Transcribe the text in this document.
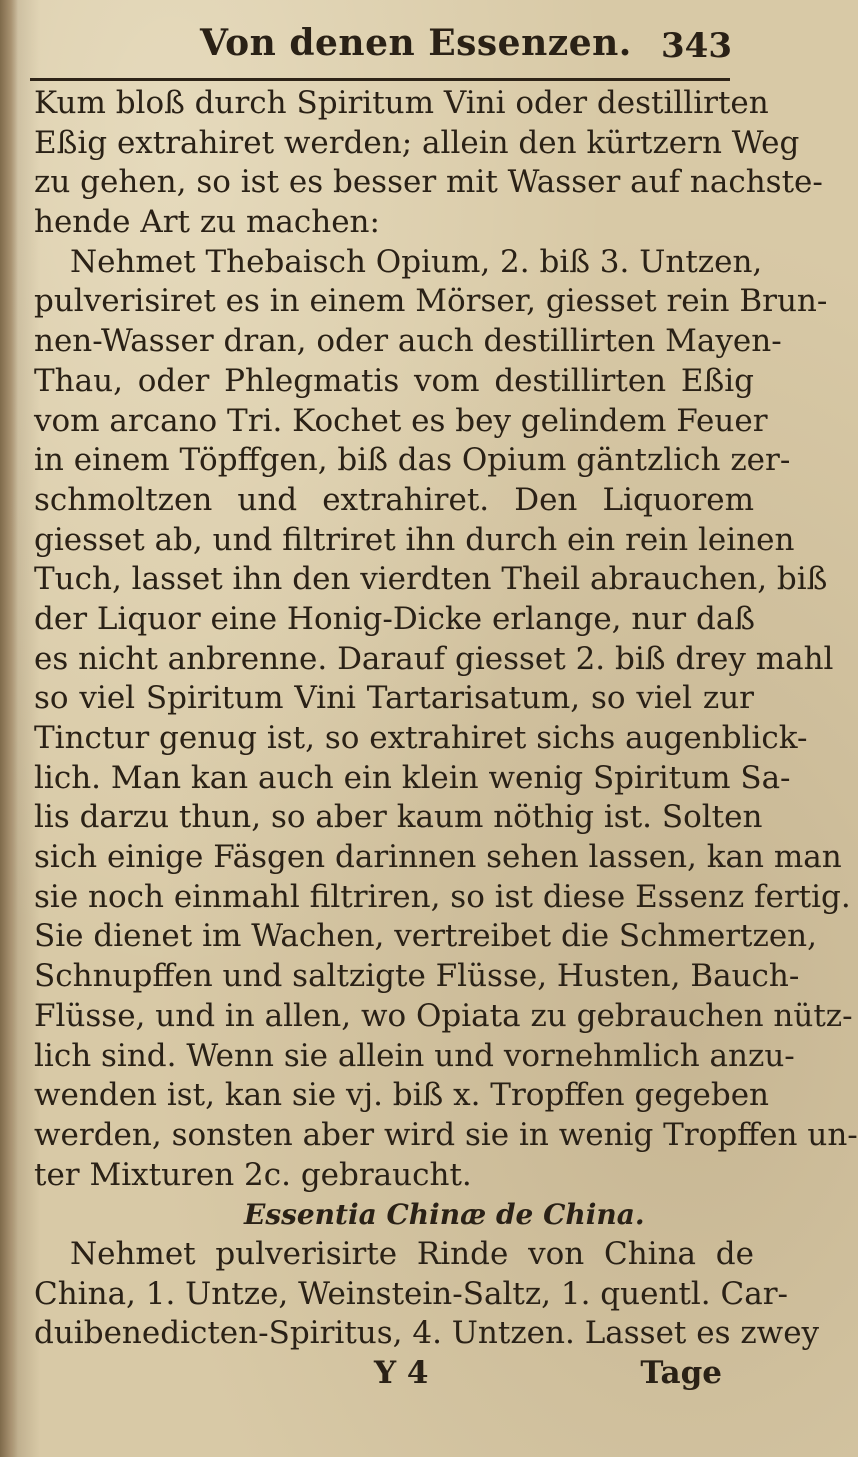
Von denen Essenzen. 343
Kum bloß durch Spiritum Vini oder destillirten
Eßig extrahiret werden; allein den kürtzern Weg
zu gehen, so ist es besser mit Wasser auf nachste-
hende Art zu machen:
Nehmet Thebaisch Opium, 2. biß 3. Untzen,
pulverisiret es in einem Mörser, giesset rein Brun-
nen-Wasser dran, oder auch destillirten Mayen-
Thau, oder Phlegmatis vom destillirten Eßig
vom arcano Tri. Kochet es bey gelindem Feuer
in einem Töpffgen, biß das Opium gäntzlich zer-
schmoltzen und extrahiret. Den Liquorem
giesset ab, und filtriret ihn durch ein rein leinen
Tuch, lasset ihn den vierdten Theil abrauchen, biß
der Liquor eine Honig-Dicke erlange, nur daß
es nicht anbrenne. Darauf giesset 2. biß drey mahl
so viel Spiritum Vini Tartarisatum, so viel zur
Tinctur genug ist, so extrahiret sichs augenblick-
lich. Man kan auch ein klein wenig Spiritum Sa-
lis darzu thun, so aber kaum nöthig ist. Solten
sich einige Fäsgen darinnen sehen lassen, kan man
sie noch einmahl filtriren, so ist diese Essenz fertig.
Sie dienet im Wachen, vertreibet die Schmertzen,
Schnupffen und saltzigte Flüsse, Husten, Bauch-
Flüsse, und in allen, wo Opiata zu gebrauchen nütz-
lich sind. Wenn sie allein und vornehmlich anzu-
wenden ist, kan sie vj. biß x. Tropffen gegeben
werden, sonsten aber wird sie in wenig Tropffen un-
ter Mixturen 2c. gebraucht.
Essentia Chinæ de China.
Nehmet pulverisirte Rinde von China de
China, 1. Untze, Weinstein-Saltz, 1. quentl. Car-
duibenedicten-Spiritus, 4. Untzen. Lasset es zwey
Y 4	Tage
